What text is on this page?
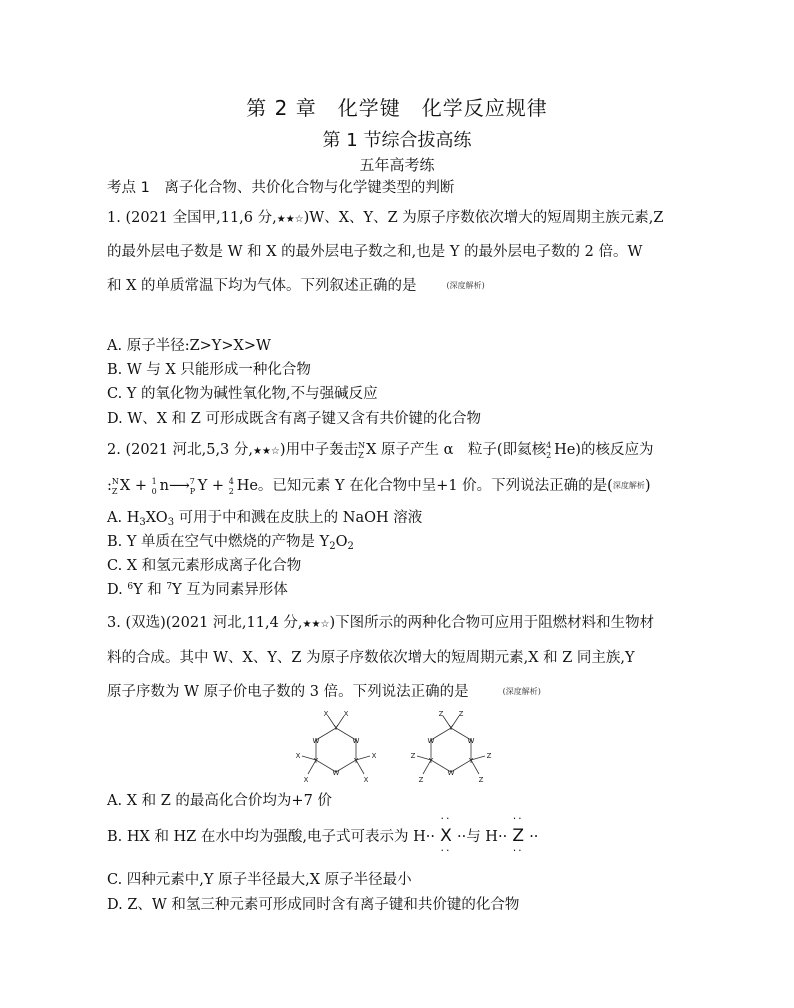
第 2 章　化学键　化学反应规律
第 1 节综合拔高练
五年高考练
考点 1　离子化合物、共价化合物与化学键类型的判断
1. (2021 全国甲,11,6 分,★★☆)W、X、Y、Z 为原子序数依次增大的短周期主族元素,Z
的最外层电子数是 W 和 X 的最外层电子数之和,也是 Y 的最外层电子数的 2 倍。W
和 X 的单质常温下均为气体。下列叙述正确的是	(深度解析)
A. 原子半径:Z>Y>X>W
B. W 与 X 只能形成一种化合物
C. Y 的氧化物为碱性氧化物,不与强碱反应
D. W、X 和 Z 可形成既含有离子键又含有共价键的化合物
2. (2021 河北,5,3 分,★★☆)用中子轰击 N
Z X 原子产生 α　粒子(即氦核 4
2 He)的核反应为
: N
Z X + 1
0 n⟶ 7
P Y + 4
2 He。已知元素 Y 在化合物中呈+1 价。下列说法正确的是(深度解析)
A. $H_3XO_3$ 可用于中和溅在皮肤上的 NaOH 溶液
B. Y 单质在空气中燃烧的产物是 $Y_2O_2$
C. X 和氢元素形成离子化合物
D. $^6$Y 和 $^7$Y 互为同素异形体
3. (双选)(2021 河北,11,4 分,★★☆)下图所示的两种化合物可应用于阻燃材料和生物材
料的合成。其中 W、X、Y、Z 为原子序数依次增大的短周期元素,X 和 Z 同主族,Y
原子序数为 W 原子价电子数的 3 倍。下列说法正确的是	(深度解析)
Y
W	W
W
Y	Y
X X
X
X
X
X
Y
W	W
W
Y	Y
Z Z
Z
Z
Z
Z
A. X 和 Z 的最高化合价均为+7 价
B. HX 和 HZ 在水中均为强酸,电子式可表示为 H··
··
X
··
··与 H··
··
Z
··
··
C. 四种元素中,Y 原子半径最大,X 原子半径最小
D. Z、W 和氢三种元素可形成同时含有离子键和共价键的化合物
